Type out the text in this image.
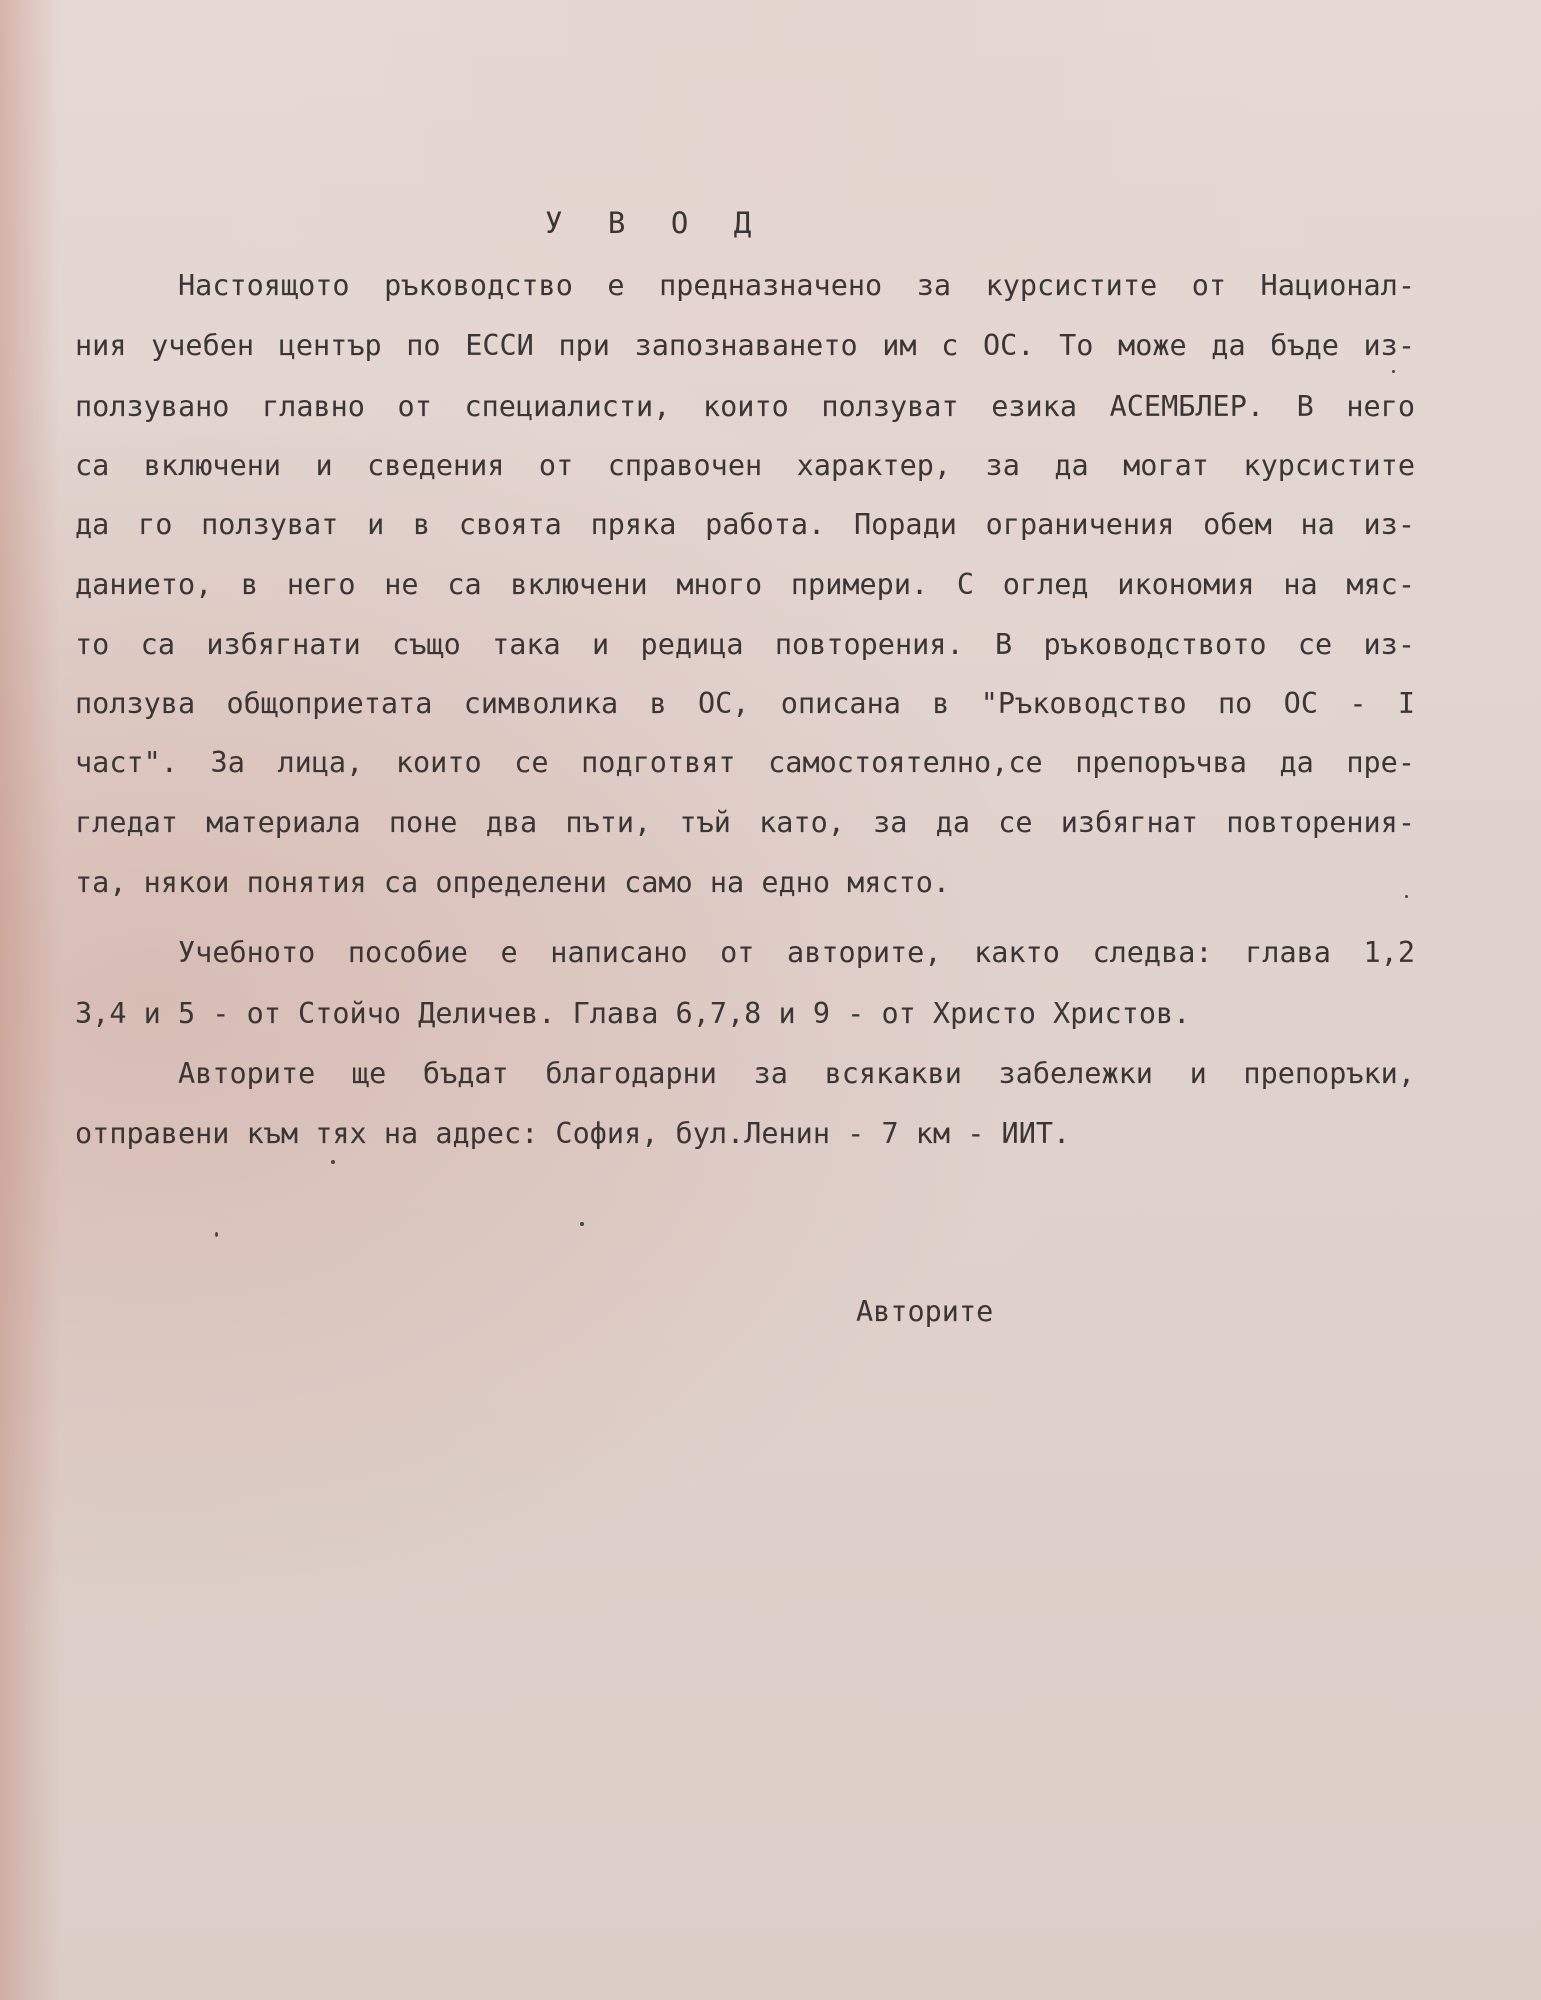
У В О Д
Настоящото ръководство е предназначено за курсистите от Национал-
ния учебен център по ЕССИ при запознаването им с ОС. То може да бъде из-
ползувано главно от специалисти, които ползуват езика АСЕМБЛЕР. В него
са включени и сведения от справочен характер, за да могат курсистите
да го ползуват и в своята пряка работа. Поради ограничения обем на из-
данието, в него не са включени много примери. С оглед икономия на мяс-
то са избягнати също така и редица повторения. В ръководството се из-
ползува общоприетата символика в ОС, описана в "Ръководство по ОС - I
част". За лица, които се подготвят самостоятелно,се препоръчва да пре-
гледат материала поне два пъти, тъй като, за да се избягнат повторения-
та, някои понятия са определени само на едно място.
Учебното пособие е написано от авторите, както следва: глава 1,2
3,4 и 5 - от Стойчо Деличев. Глава 6,7,8 и 9 - от Христо Христов.
Авторите ще бъдат благодарни за всякакви забележки и препоръки,
отправени към тях на адрес: София, бул.Ленин - 7 км - ИИТ.
Авторите
